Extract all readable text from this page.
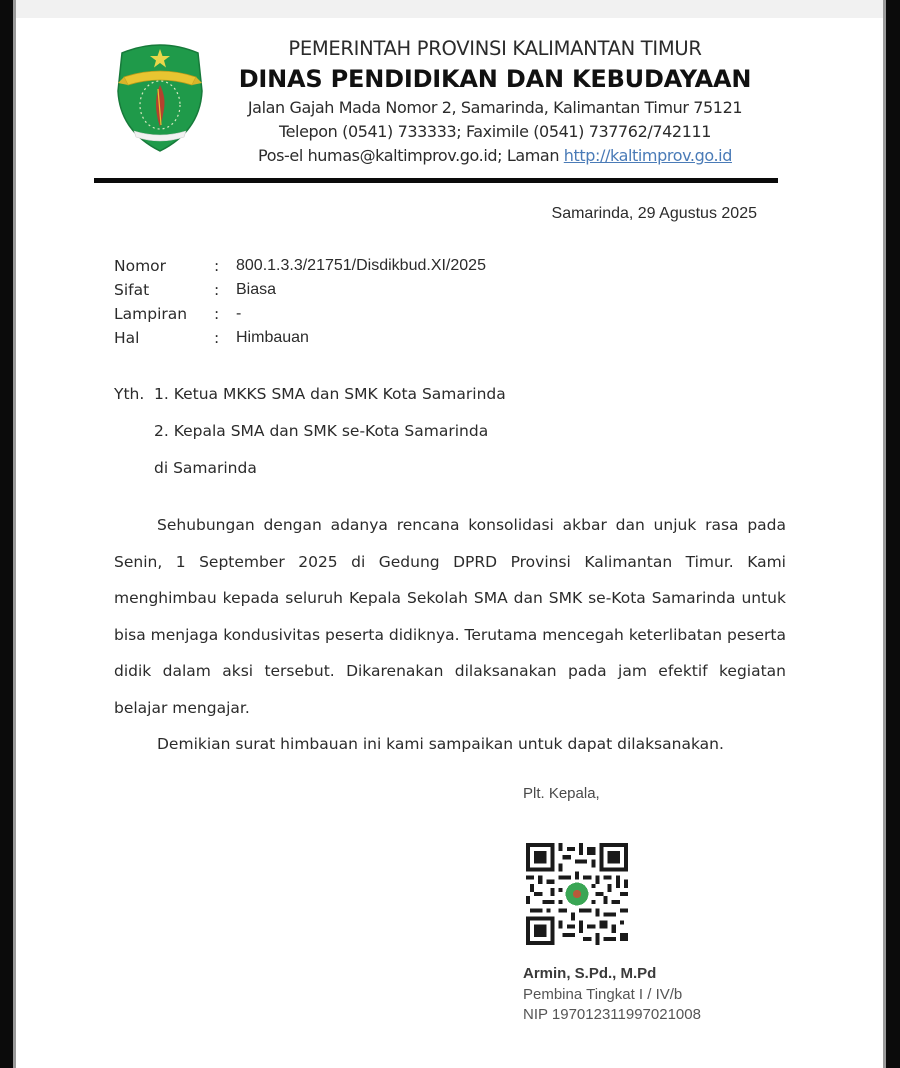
PEMERINTAH PROVINSI KALIMANTAN TIMUR
DINAS PENDIDIKAN DAN KEBUDAYAAN
Jalan Gajah Mada Nomor 2, Samarinda, Kalimantan Timur 75121
Telepon (0541) 733333; Faximile (0541) 737762/742111
Pos-el humas@kaltimprov.go.id; Laman http://kaltimprov.go.id
Samarinda, 29 Agustus 2025
Nomor	:	800.1.3.3/21751/Disdikbud.XI/2025
Sifat	:	Biasa
Lampiran	:	-
Hal	:	Himbauan
Yth. 1. Ketua MKKS SMA dan SMK Kota Samarinda
2. Kepala SMA dan SMK se-Kota Samarinda
di Samarinda

Sehubungan dengan adanya rencana konsolidasi akbar dan unjuk rasa pada Senin, 1 September 2025 di Gedung DPRD Provinsi Kalimantan Timur. Kami menghimbau kepada seluruh Kepala Sekolah SMA dan SMK se-Kota Samarinda untuk bisa menjaga kondusivitas peserta didiknya. Terutama mencegah keterlibatan peserta didik dalam aksi tersebut. Dikarenakan dilaksanakan pada jam efektif kegiatan belajar mengajar.

Demikian surat himbauan ini kami sampaikan untuk dapat dilaksanakan.

Plt. Kepala,
Armin, S.Pd., M.Pd
Pembina Tingkat I / IV/b
NIP 197012311997021008
